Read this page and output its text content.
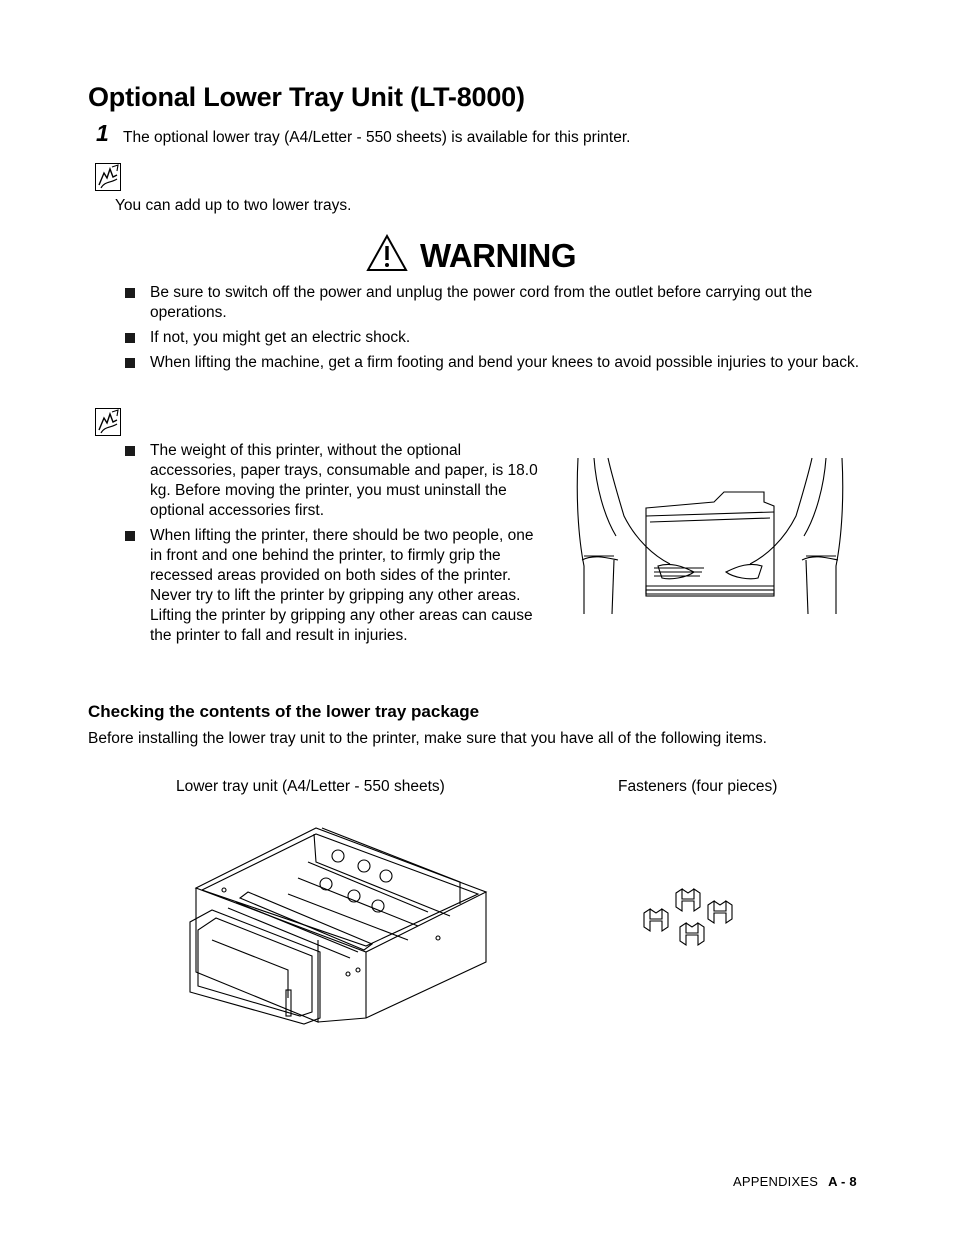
Optional Lower Tray Unit (LT-8000)
1 The optional lower tray (A4/Letter - 550 sheets) is available for this printer.
You can add up to two lower trays.
WARNING
Be sure to switch off the power and unplug the power cord from the outlet before carrying out the operations.
If not, you might get an electric shock.
When lifting the machine, get a firm footing and bend your knees to avoid possible injuries to your back.
The weight of this printer, without the optional accessories, paper trays, consumable and paper, is 18.0 kg. Before moving the printer, you must uninstall the optional accessories first.
When lifting the printer, there should be two people, one in front and one behind the printer, to firmly grip the recessed areas provided on both sides of the printer. Never try to lift the printer by gripping any other areas. Lifting the printer by gripping any other areas can cause the printer to fall and result in injuries.
Checking the contents of the lower tray package
Before installing the lower tray unit to the printer, make sure that you have all of the following items.
Lower tray unit (A4/Letter - 550 sheets)	Fasteners (four pieces)
APPENDIXES A - 8
